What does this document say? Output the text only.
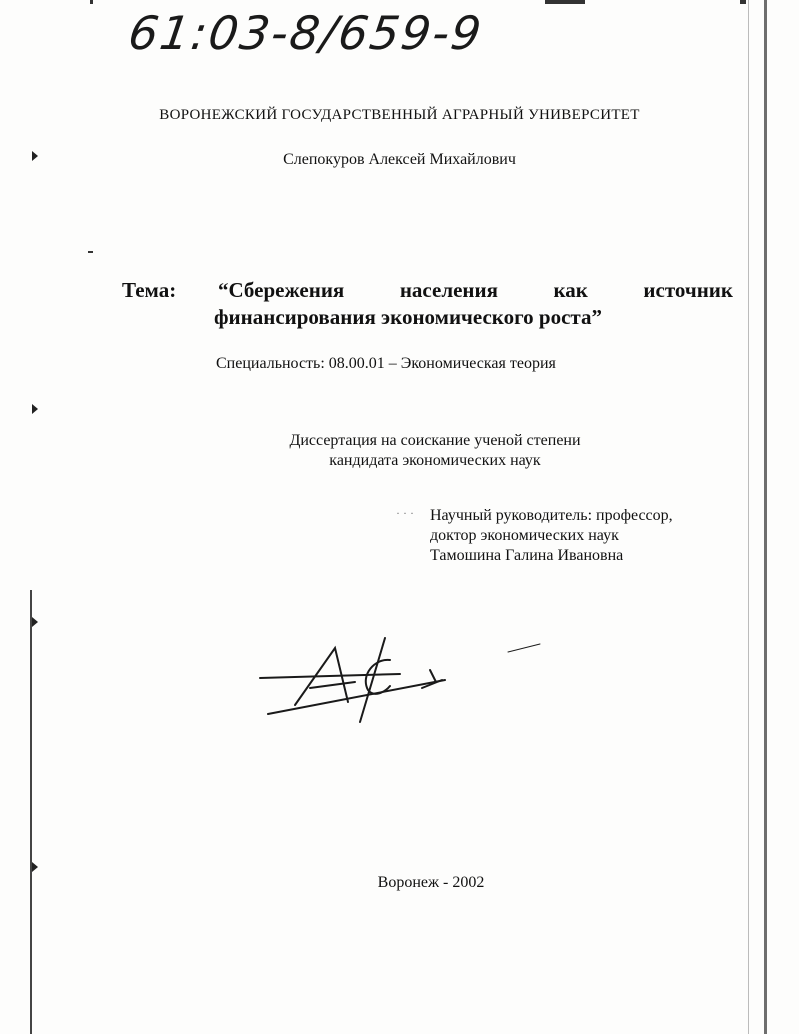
61:03-8/659-9
ВОРОНЕЖСКИЙ ГОСУДАРСТВЕННЫЙ АГРАРНЫЙ УНИВЕРСИТЕТ
Слепокуров Алексей Михайлович
Тема: “Сбережения населения как источник
финансирования экономического роста”
Специальность: 08.00.01 – Экономическая теория
Диссертация на соискание ученой степени
кандидата экономических наук
· · · Научный руководитель: профессор,
доктор экономических наук
Тамошина Галина Ивановна
Воронеж - 2002
